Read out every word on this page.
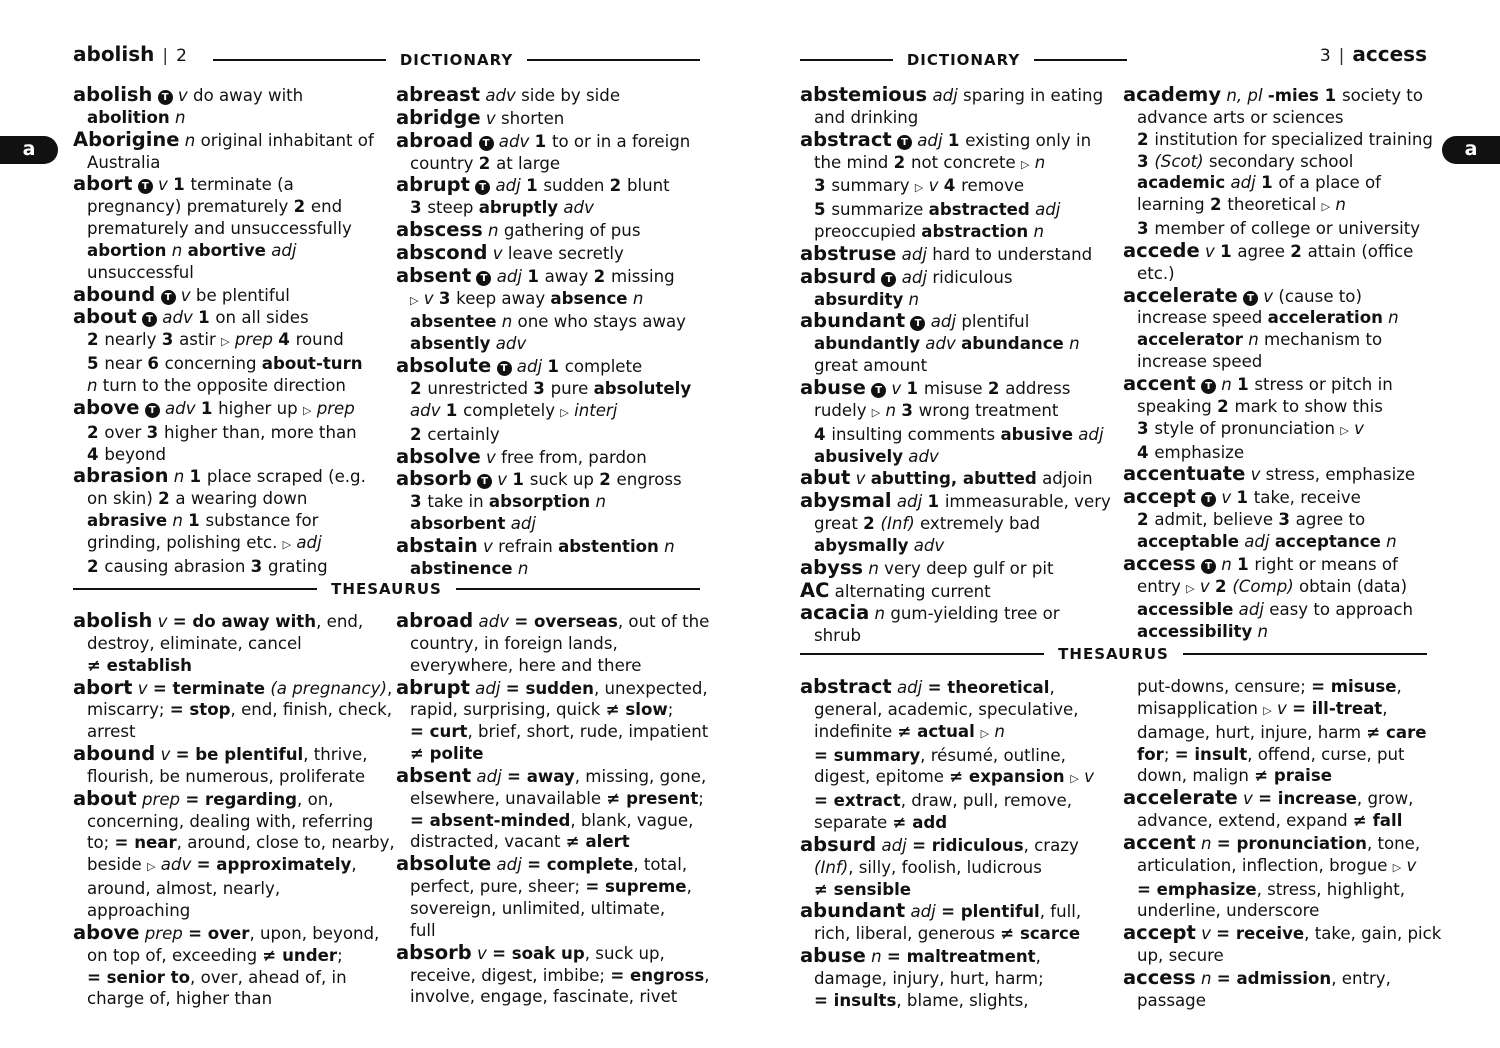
abolish | 2	DICTIONARY
a
abolish T v do away with
abolition n
Aborigine n original inhabitant of
Australia
abort T v 1 terminate (a
pregnancy) prematurely 2 end
prematurely and unsuccessfully
abortion n abortive adj
unsuccessful
abound T v be plentiful
about T adv 1 on all sides
2 nearly 3 astir ▷ prep 4 round
5 near 6 concerning about-turn
n turn to the opposite direction
above T adv 1 higher up ▷ prep
2 over 3 higher than, more than
4 beyond
abrasion n 1 place scraped (e.g.
on skin) 2 a wearing down
abrasive n 1 substance for
grinding, polishing etc. ▷ adj
2 causing abrasion 3 grating
abreast adv side by side
abridge v shorten
abroad T adv 1 to or in a foreign
country 2 at large
abrupt T adj 1 sudden 2 blunt
3 steep abruptly adv
abscess n gathering of pus
abscond v leave secretly
absent T adj 1 away 2 missing
▷ v 3 keep away absence n
absentee n one who stays away
absently adv
absolute T adj 1 complete
2 unrestricted 3 pure absolutely
adv 1 completely ▷ interj
2 certainly
absolve v free from, pardon
absorb T v 1 suck up 2 engross
3 take in absorption n
absorbent adj
abstain v refrain abstention n
abstinence n
THESAURUS
abolish v = do away with, end,
destroy, eliminate, cancel
≠ establish
abort v = terminate (a pregnancy),
miscarry; = stop, end, finish, check,
arrest
abound v = be plentiful, thrive,
flourish, be numerous, proliferate
about prep = regarding, on,
concerning, dealing with, referring
to; = near, around, close to, nearby,
beside ▷ adv = approximately,
around, almost, nearly,
approaching
above prep = over, upon, beyond,
on top of, exceeding ≠ under;
= senior to, over, ahead of, in
charge of, higher than
abroad adv = overseas, out of the
country, in foreign lands,
everywhere, here and there
abrupt adj = sudden, unexpected,
rapid, surprising, quick ≠ slow;
= curt, brief, short, rude, impatient
≠ polite
absent adj = away, missing, gone,
elsewhere, unavailable ≠ present;
= absent-minded, blank, vague,
distracted, vacant ≠ alert
absolute adj = complete, total,
perfect, pure, sheer; = supreme,
sovereign, unlimited, ultimate,
full
absorb v = soak up, suck up,
receive, digest, imbibe; = engross,
involve, engage, fascinate, rivet
DICTIONARY	3 | access
a
abstemious adj sparing in eating
and drinking
abstract T adj 1 existing only in
the mind 2 not concrete ▷ n
3 summary ▷ v 4 remove
5 summarize abstracted adj
preoccupied abstraction n
abstruse adj hard to understand
absurd T adj ridiculous
absurdity n
abundant T adj plentiful
abundantly adv abundance n
great amount
abuse T v 1 misuse 2 address
rudely ▷ n 3 wrong treatment
4 insulting comments abusive adj
abusively adv
abut v abutting, abutted adjoin
abysmal adj 1 immeasurable, very
great 2 (Inf) extremely bad
abysmally adv
abyss n very deep gulf or pit
AC alternating current
acacia n gum-yielding tree or
shrub
academy n, pl -mies 1 society to
advance arts or sciences
2 institution for specialized training
3 (Scot) secondary school
academic adj 1 of a place of
learning 2 theoretical ▷ n
3 member of college or university
accede v 1 agree 2 attain (office
etc.)
accelerate T v (cause to)
increase speed acceleration n
accelerator n mechanism to
increase speed
accent T n 1 stress or pitch in
speaking 2 mark to show this
3 style of pronunciation ▷ v
4 emphasize
accentuate v stress, emphasize
accept T v 1 take, receive
2 admit, believe 3 agree to
acceptable adj acceptance n
access T n 1 right or means of
entry ▷ v 2 (Comp) obtain (data)
accessible adj easy to approach
accessibility n
THESAURUS
abstract adj = theoretical,
general, academic, speculative,
indefinite ≠ actual ▷ n
= summary, résumé, outline,
digest, epitome ≠ expansion ▷ v
= extract, draw, pull, remove,
separate ≠ add
absurd adj = ridiculous, crazy
(Inf), silly, foolish, ludicrous
≠ sensible
abundant adj = plentiful, full,
rich, liberal, generous ≠ scarce
abuse n = maltreatment,
damage, injury, hurt, harm;
= insults, blame, slights,
put-downs, censure; = misuse,
misapplication ▷ v = ill-treat,
damage, hurt, injure, harm ≠ care
for; = insult, offend, curse, put
down, malign ≠ praise
accelerate v = increase, grow,
advance, extend, expand ≠ fall
accent n = pronunciation, tone,
articulation, inflection, brogue ▷ v
= emphasize, stress, highlight,
underline, underscore
accept v = receive, take, gain, pick
up, secure
access n = admission, entry,
passage
